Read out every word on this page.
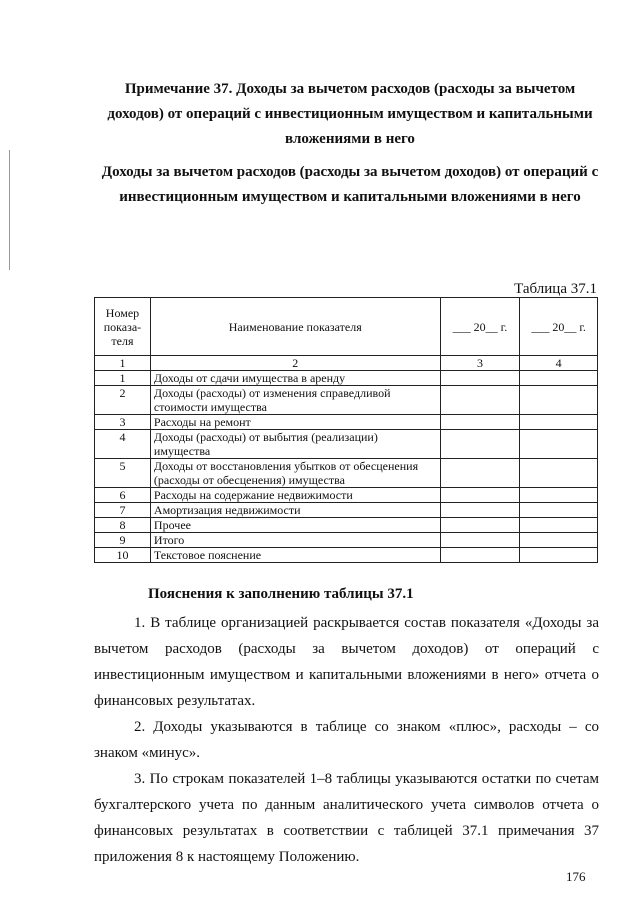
Примечание 37. Доходы за вычетом расходов (расходы за вычетом доходов) от операций с инвестиционным имуществом и капитальными вложениями в него
Доходы за вычетом расходов (расходы за вычетом доходов) от операций с инвестиционным имуществом и капитальными вложениями в него
Таблица 37.1
Номер показа-теля	Наименование показателя	___ 20__ г.	___ 20__ г.
1	2	3	4
1	Доходы от сдачи имущества в аренду		
2	Доходы (расходы) от изменения справедливой стоимости имущества		
3	Расходы на ремонт		
4	Доходы (расходы) от выбытия (реализации) имущества		
5	Доходы от восстановления убытков от обесценения (расходы от обесценения) имущества		
6	Расходы на содержание недвижимости		
7	Амортизация недвижимости		
8	Прочее		
9	Итого		
10	Текстовое пояснение		
Пояснения к заполнению таблицы 37.1

1. В таблице организацией раскрывается состав показателя «Доходы за вычетом расходов (расходы за вычетом доходов) от операций с инвестиционным имуществом и капитальными вложениями в него» отчета о финансовых результатах.

2. Доходы указываются в таблице со знаком «плюс», расходы – со знаком «минус».

3. По строкам показателей 1–8 таблицы указываются остатки по счетам бухгалтерского учета по данным аналитического учета символов отчета о финансовых результатах в соответствии с таблицей 37.1 примечания 37 приложения 8 к настоящему Положению.

176
